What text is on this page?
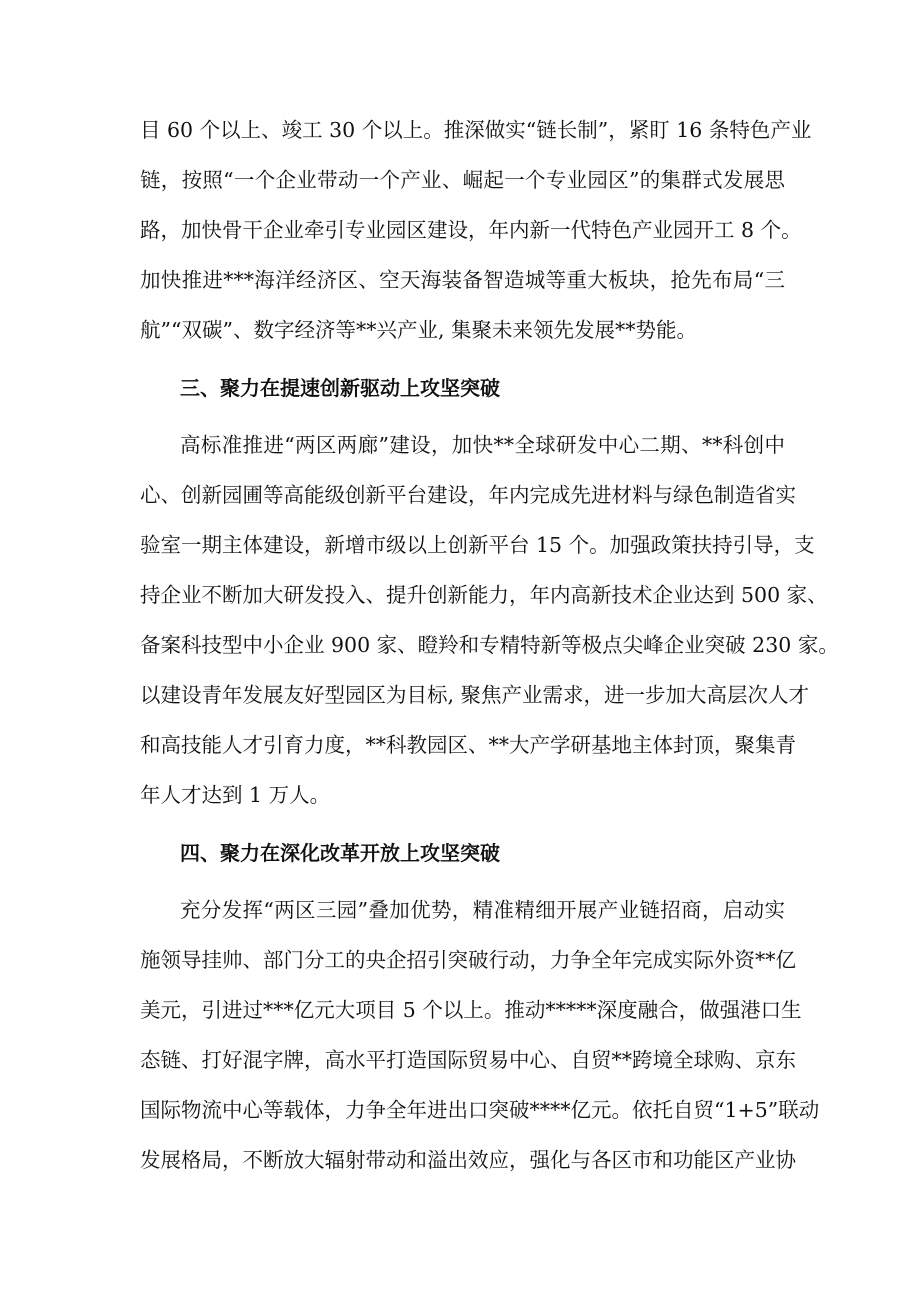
目 60 个以上、竣工 30 个以上。推深做实“链长制”，紧盯 16 条特色产业

链，按照“一个企业带动一个产业、崛起一个专业园区”的集群式发展思

路，加快骨干企业牵引专业园区建设，年内新一代特色产业园开工 8 个。

加快推进***海洋经济区、空天海装备智造城等重大板块，抢先布局“三

航”“双碳”、数字经济等**兴产业, 集聚未来领先发展**势能。

三、聚力在提速创新驱动上攻坚突破

高标准推进“两区两廊”建设，加快**全球研发中心二期、**科创中

心、创新园圃等高能级创新平台建设，年内完成先进材料与绿色制造省实

验室一期主体建设，新增市级以上创新平台 15 个。加强政策扶持引导，支

持企业不断加大研发投入、提升创新能力，年内高新技术企业达到 500 家、

备案科技型中小企业 900 家、瞪羚和专精特新等极点尖峰企业突破 230 家。

以建设青年发展友好型园区为目标, 聚焦产业需求，进一步加大高层次人才

和高技能人才引育力度，**科教园区、**大产学研基地主体封顶，聚集青

年人才达到 1 万人。

四、聚力在深化改革开放上攻坚突破

充分发挥“两区三园”叠加优势，精准精细开展产业链招商，启动实

施领导挂帅、部门分工的央企招引突破行动，力争全年完成实际外资**亿

美元，引进过***亿元大项目 5 个以上。推动*****深度融合，做强港口生

态链、打好混字牌，高水平打造国际贸易中心、自贸**跨境全球购、京东

国际物流中心等载体，力争全年进出口突破****亿元。依托自贸“1+5”联动

发展格局，不断放大辐射带动和溢出效应，强化与各区市和功能区产业协
